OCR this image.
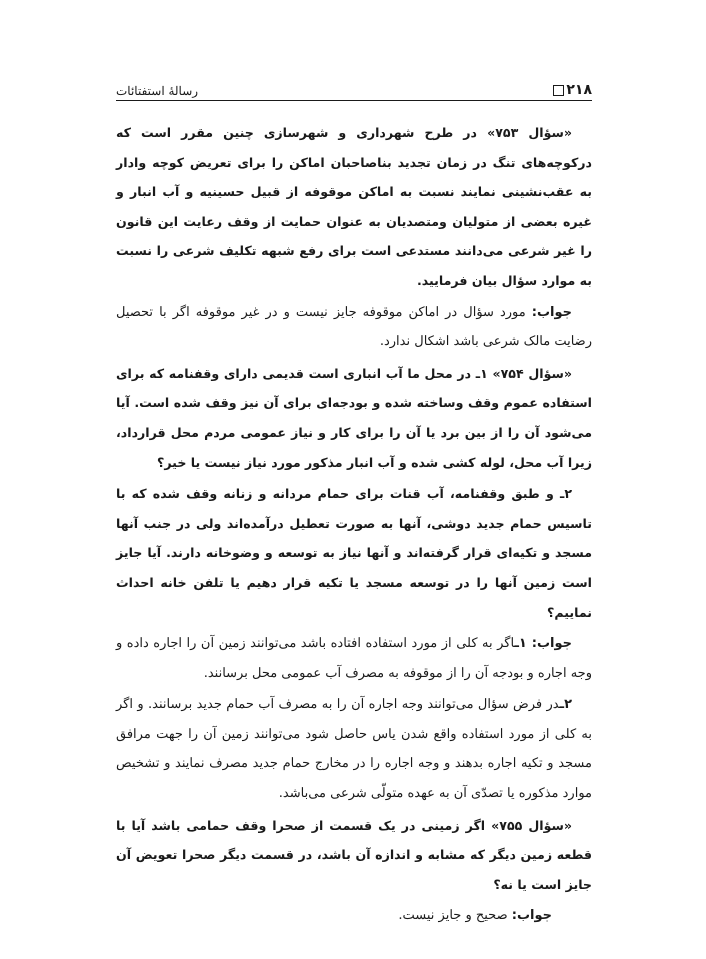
۲۱۸
رسالۀ استفتائات

«سؤال ۷۵۳» در طرح شهرداری و شهرسازی چنین مقرر است که درکوچه‌های تنگ در زمان تجدید بناصاحبان اماکن را برای تعریض کوچه وادار به عقب‌نشینی نمایند نسبت به اماکن موقوفه از قبیل حسینیه و آب انبار و غیره بعضی از متولیان ومتصدیان به عنوان حمایت از وقف رعایت این قانون را غیر شرعی می‌دانند مستدعی است برای رفع شبهه تکلیف شرعی را نسبت به موارد سؤال بیان فرمایید.

جواب: مورد سؤال در اماکن موقوفه جایز نیست و در غیر موقوفه اگر با تحصیل رضایت مالک شرعی باشد اشکال ندارد.

«سؤال ۷۵۴» ۱ـ در محل ما آب انباری است قدیمی دارای وقفنامه که برای استفاده عموم وقف وساخته شده و بودجه‌ای برای آن نیز وقف شده است. آیا می‌شود آن را از بین برد یا آن را برای کار و نیاز عمومی مردم محل قرارداد، زیرا آب محل، لوله کشی شده و آب انبار مذکور مورد نیاز نیست یا خیر؟

۲ـ و طبق وقفنامه، آب قنات برای حمام مردانه و زنانه وقف شده که با تاسیس حمام جدید دوشی، آنها به صورت تعطیل درآمده‌اند ولی در جنب آنها مسجد و تکیه‌ای قرار گرفته‌اند و آنها نیاز به توسعه و وضوخانه دارند. آیا جایز است زمین آنها را در توسعه مسجد یا تکیه قرار دهیم یا تلفن خانه احداث نماییم؟

جواب: ۱ـاگر به کلی از مورد استفاده افتاده باشد می‌توانند زمین آن را اجاره داده و وجه اجاره و بودجه آن را از موقوفه به مصرف آب عمومی محل برسانند.

۲ـدر فرض سؤال می‌توانند وجه اجاره آن را به مصرف آب حمام جدید برسانند. و اگر به کلی از مورد استفاده واقع شدن یاس حاصل شود می‌توانند زمین آن را جهت مرافق مسجد و تکیه اجاره بدهند و وجه اجاره را در مخارج حمام جدید مصرف نمایند و تشخیص موارد مذکوره یا تصدّی آن به عهده متولّی شرعی می‌باشد.

«سؤال ۷۵۵» اگر زمینی در یک قسمت از صحرا وقف حمامی باشد آیا با قطعه زمین دیگر که مشابه و اندازه آن باشد، در قسمت دیگر صحرا تعویض آن جایز است یا نه؟

جواب: صحیح و جایز نیست.
